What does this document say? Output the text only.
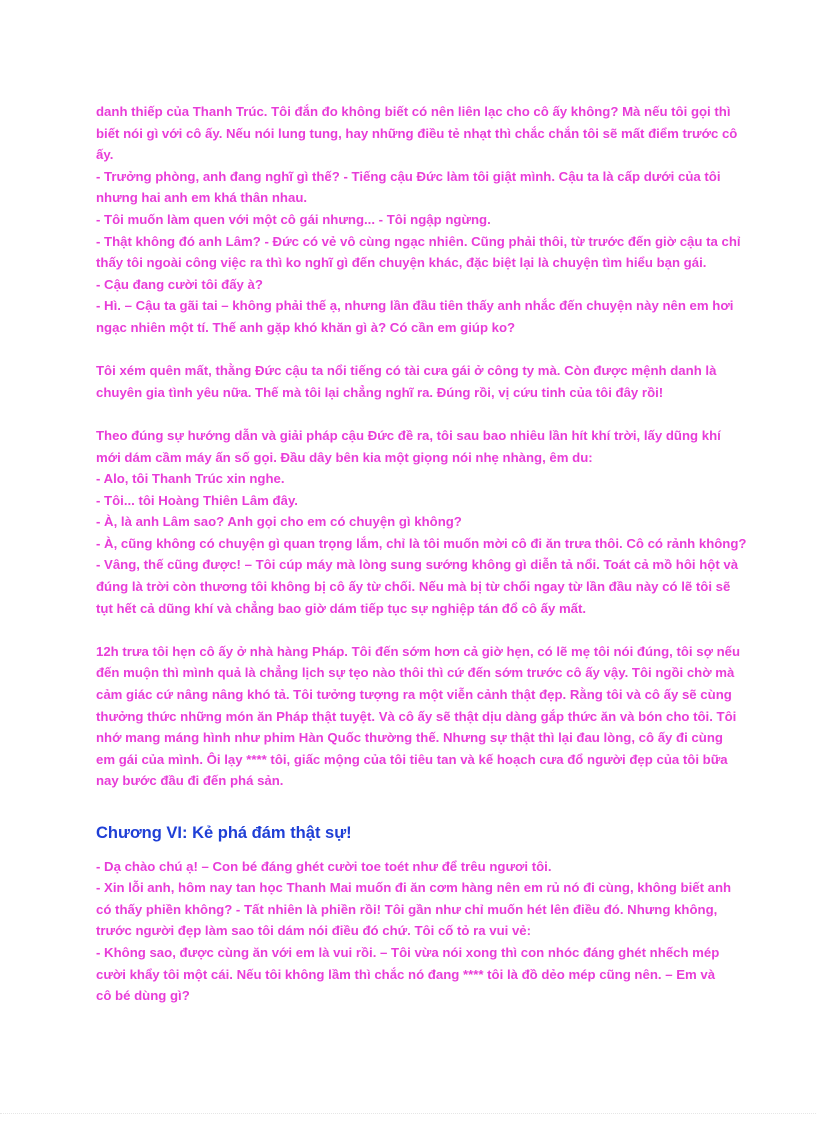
danh thiếp của Thanh Trúc. Tôi đắn đo không biết có nên liên lạc cho cô ấy không? Mà nếu tôi gọi thì
biết nói gì với cô ấy. Nếu nói lung tung, hay những điều tẻ nhạt thì chắc chắn tôi sẽ mất điểm trước cô
ấy.
- Trưởng phòng, anh đang nghĩ gì thế? - Tiếng cậu Đức làm tôi giật mình. Cậu ta là cấp dưới của tôi
nhưng hai anh em khá thân nhau.
- Tôi muốn làm quen với một cô gái nhưng... - Tôi ngập ngừng.
- Thật không đó anh Lâm? - Đức có vẻ vô cùng ngạc nhiên. Cũng phải thôi, từ trước đến giờ cậu ta chỉ
thấy tôi ngoài công việc ra thì ko nghĩ gì đến chuyện khác, đặc biệt lại là chuyện tìm hiểu bạn gái.
- Cậu đang cười tôi đấy à?
- Hì. – Cậu ta gãi tai – không phải thế ạ, nhưng lần đầu tiên thấy anh nhắc đến chuyện này nên em hơi
ngạc nhiên một tí. Thế anh gặp khó khăn gì à? Có cần em giúp ko?
Tôi xém quên mất, thằng Đức cậu ta nổi tiếng có tài cưa gái ở công ty mà. Còn được mệnh danh là
chuyên gia tình yêu nữa. Thế mà tôi lại chẳng nghĩ ra. Đúng rồi, vị cứu tinh của tôi đây rồi!
Theo đúng sự hướng dẫn và giải pháp cậu Đức đề ra, tôi sau bao nhiêu lần hít khí trời, lấy dũng khí
mới dám cầm máy ấn số gọi. Đầu dây bên kia một giọng nói nhẹ nhàng, êm du:
- Alo, tôi Thanh Trúc xin nghe.
- Tôi... tôi Hoàng Thiên Lâm đây.
- À, là anh Lâm sao? Anh gọi cho em có chuyện gì không?
- À, cũng không có chuyện gì quan trọng lắm, chỉ là tôi muốn mời cô đi ăn trưa thôi. Cô có rảnh không?
- Vâng, thế cũng được! – Tôi cúp máy mà lòng sung sướng không gì diễn tả nổi. Toát cả mồ hôi hột và
đúng là trời còn thương tôi không bị cô ấy từ chối. Nếu mà bị từ chối ngay từ lần đầu này có lẽ tôi sẽ
tụt hết cả dũng khí và chẳng bao giờ dám tiếp tục sự nghiệp tán đổ cô ấy mất.
12h trưa tôi hẹn cô ấy ở nhà hàng Pháp. Tôi đến sớm hơn cả giờ hẹn, có lẽ mẹ tôi nói đúng, tôi sợ nếu
đến muộn thì mình quả là chẳng lịch sự tẹo nào thôi thì cứ đến sớm trước cô ấy vậy. Tôi ngồi chờ mà
cảm giác cứ nâng nâng khó tả. Tôi tưởng tượng ra một viễn cảnh thật đẹp. Rằng tôi và cô ấy sẽ cùng
thưởng thức những món ăn Pháp thật tuyệt. Và cô ấy sẽ thật dịu dàng gắp thức ăn và bón cho tôi. Tôi
nhớ mang máng hình như phim Hàn Quốc thường thế. Nhưng sự thật thì lại đau lòng, cô ấy đi cùng
em gái của mình. Ôi lạy **** tôi, giấc mộng của tôi tiêu tan và kế hoạch cưa đổ người đẹp của tôi bữa
nay bước đầu đi đến phá sản.
Chương VI: Kẻ phá đám thật sự!
- Dạ chào chú ạ! – Con bé đáng ghét cười toe toét như để trêu ngươi tôi.
- Xin lỗi anh, hôm nay tan học Thanh Mai muốn đi ăn cơm hàng nên em rủ nó đi cùng, không biết anh
có thấy phiền không? - Tất nhiên là phiền rồi! Tôi gần như chỉ muốn hét lên điều đó. Nhưng không,
trước người đẹp làm sao tôi dám nói điều đó chứ. Tôi cố tỏ ra vui vẻ:
- Không sao, được cùng ăn với em là vui rồi. – Tôi vừa nói xong thì con nhóc đáng ghét nhếch mép
cười khẩy tôi một cái. Nếu tôi không lầm thì chắc nó đang **** tôi là đồ dẻo mép cũng nên. – Em và
cô bé dùng gì?
